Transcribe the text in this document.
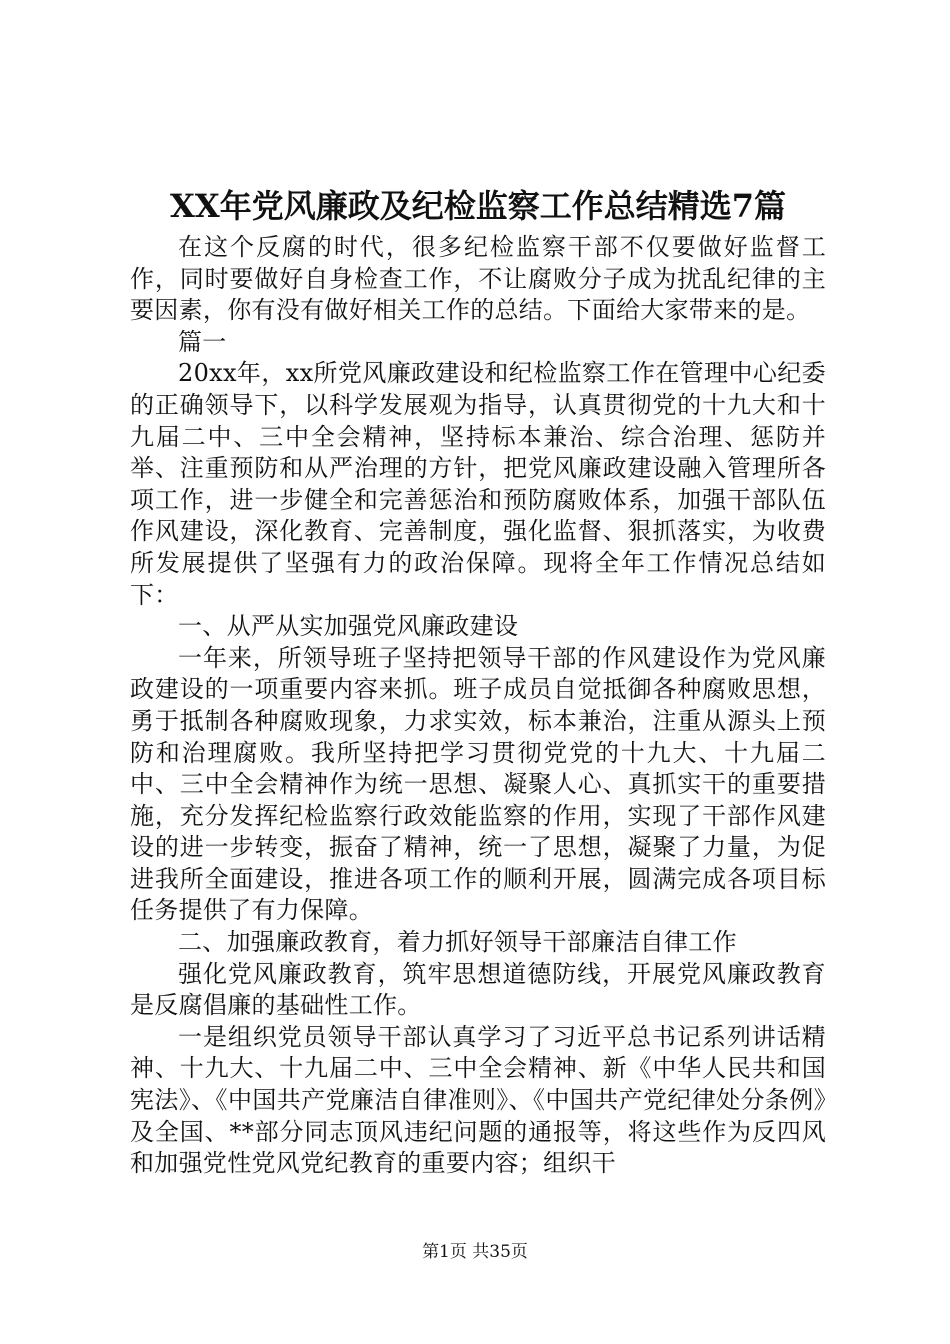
XX年党风廉政及纪检监察工作总结精选7篇

在这个反腐的时代，很多纪检监察干部不仅要做好监督工作，同时要做好自身检查工作，不让腐败分子成为扰乱纪律的主要因素，你有没有做好相关工作的总结。下面给大家带来的是。

篇一

20xx年，xx所党风廉政建设和纪检监察工作在管理中心纪委的正确领导下，以科学发展观为指导，认真贯彻党的十九大和十九届二中、三中全会精神，坚持标本兼治、综合治理、惩防并举、注重预防和从严治理的方针，把党风廉政建设融入管理所各项工作，进一步健全和完善惩治和预防腐败体系，加强干部队伍作风建设，深化教育、完善制度，强化监督、狠抓落实，为收费所发展提供了坚强有力的政治保障。现将全年工作情况总结如下：

一、从严从实加强党风廉政建设

一年来，所领导班子坚持把领导干部的作风建设作为党风廉政建设的一项重要内容来抓。班子成员自觉抵御各种腐败思想，勇于抵制各种腐败现象，力求实效，标本兼治，注重从源头上预防和治理腐败。我所坚持把学习贯彻党党的十九大、十九届二中、三中全会精神作为统一思想、凝聚人心、真抓实干的重要措施，充分发挥纪检监察行政效能监察的作用，实现了干部作风建设的进一步转变，振奋了精神，统一了思想，凝聚了力量，为促进我所全面建设，推进各项工作的顺利开展，圆满完成各项目标任务提供了有力保障。

二、加强廉政教育，着力抓好领导干部廉洁自律工作

强化党风廉政教育，筑牢思想道德防线，开展党风廉政教育是反腐倡廉的基础性工作。

一是组织党员领导干部认真学习了习近平总书记系列讲话精神、十九大、十九届二中、三中全会精神、新《中华人民共和国宪法》、《中国共产党廉洁自律准则》、《中国共产党纪律处分条例》及全国、**部分同志顶风违纪问题的通报等，将这些作为反四风和加强党性党风党纪教育的重要内容；组织干

第1页 共35页
